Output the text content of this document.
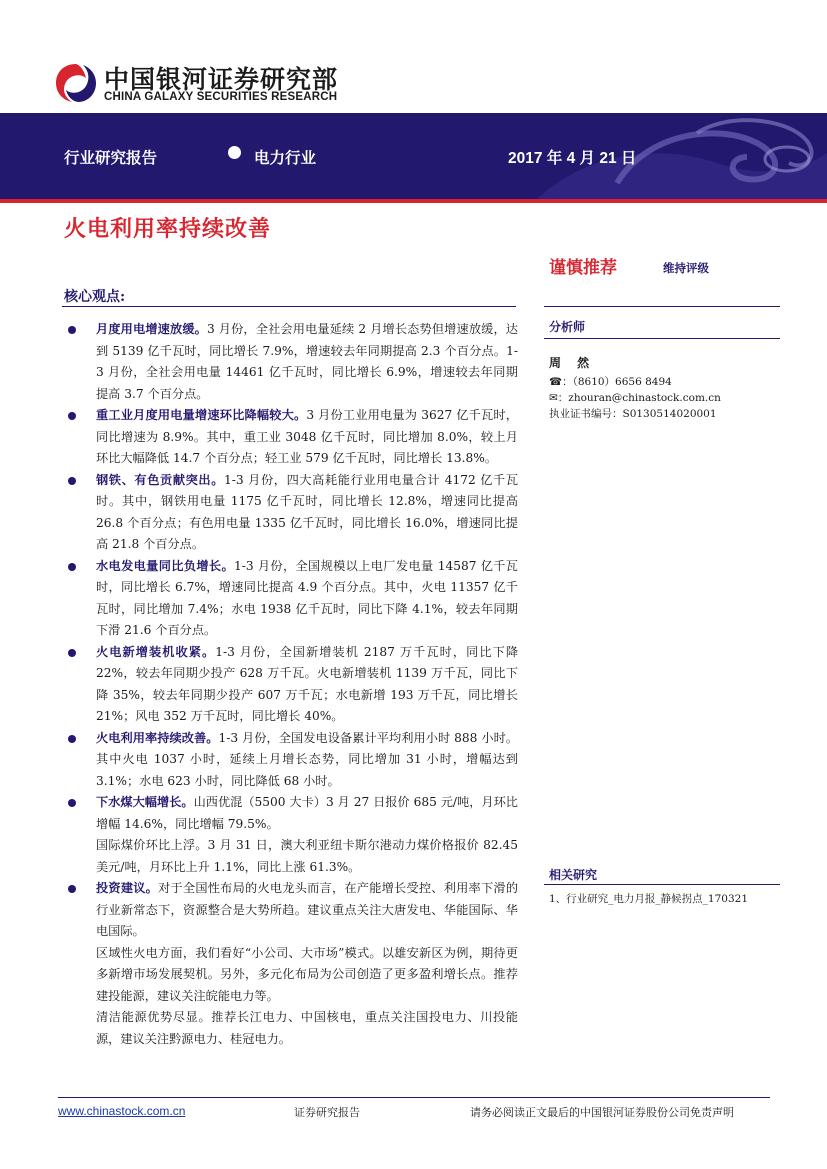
中国银河证券研究部
CHINA GALAXY SECURITIES RESEARCH
行业研究报告	电力行业	2017 年 4 月 21 日
火电利用率持续改善
核心观点:
月度用电增速放缓。3 月份，全社会用电量延续 2 月增长态势但增速放缓，达到 5139 亿千瓦时，同比增长 7.9%，增速较去年同期提高 2.3 个百分点。1-3 月份，全社会用电量 14461 亿千瓦时，同比增长 6.9%，增速较去年同期提高 3.7 个百分点。
重工业月度用电量增速环比降幅较大。3 月份工业用电量为 3627 亿千瓦时，同比增速为 8.9%。其中，重工业 3048 亿千瓦时，同比增加 8.0%，较上月环比大幅降低 14.7 个百分点；轻工业 579 亿千瓦时，同比增长 13.8%。
钢铁、有色贡献突出。1-3 月份，四大高耗能行业用电量合计 4172 亿千瓦时。其中，钢铁用电量 1175 亿千瓦时，同比增长 12.8%，增速同比提高 26.8 个百分点；有色用电量 1335 亿千瓦时，同比增长 16.0%，增速同比提高 21.8 个百分点。
水电发电量同比负增长。1-3 月份，全国规模以上电厂发电量 14587 亿千瓦时，同比增长 6.7%，增速同比提高 4.9 个百分点。其中，火电 11357 亿千瓦时，同比增加 7.4%；水电 1938 亿千瓦时，同比下降 4.1%，较去年同期下滑 21.6 个百分点。
火电新增装机收紧。1-3 月份，全国新增装机 2187 万千瓦时，同比下降 22%，较去年同期少投产 628 万千瓦。火电新增装机 1139 万千瓦，同比下降 35%，较去年同期少投产 607 万千瓦；水电新增 193 万千瓦，同比增长 21%；风电 352 万千瓦时，同比增长 40%。
火电利用率持续改善。1-3 月份，全国发电设备累计平均利用小时 888 小时。其中火电 1037 小时，延续上月增长态势，同比增加 31 小时，增幅达到 3.1%；水电 623 小时，同比降低 68 小时。
下水煤大幅增长。山西优混（5500 大卡）3 月 27 日报价 685 元/吨，月环比增幅 14.6%，同比增幅 79.5%。
国际煤价环比上浮。3 月 31 日，澳大利亚纽卡斯尔港动力煤价格报价 82.45 美元/吨，月环比上升 1.1%，同比上涨 61.3%。
投资建议。对于全国性布局的火电龙头而言，在产能增长受控、利用率下滑的行业新常态下，资源整合是大势所趋。建议重点关注大唐发电、华能国际、华电国际。
区域性火电方面，我们看好“小公司、大市场”模式。以雄安新区为例，期待更多新增市场发展契机。另外，多元化布局为公司创造了更多盈利增长点。推荐建投能源，建议关注皖能电力等。
清洁能源优势尽显。推荐长江电力、中国核电，重点关注国投电力、川投能源，建议关注黔源电力、桂冠电力。
谨慎推荐	维持评级
分析师
周 然
☎：（8610）6656 8494
✉：zhouran@chinastock.com.cn
执业证书编号：S0130514020001
相关研究
1、行业研究_电力月报_静候拐点_170321
www.chinastock.com.cn	证券研究报告	请务必阅读正文最后的中国银河证券股份公司免责声明
